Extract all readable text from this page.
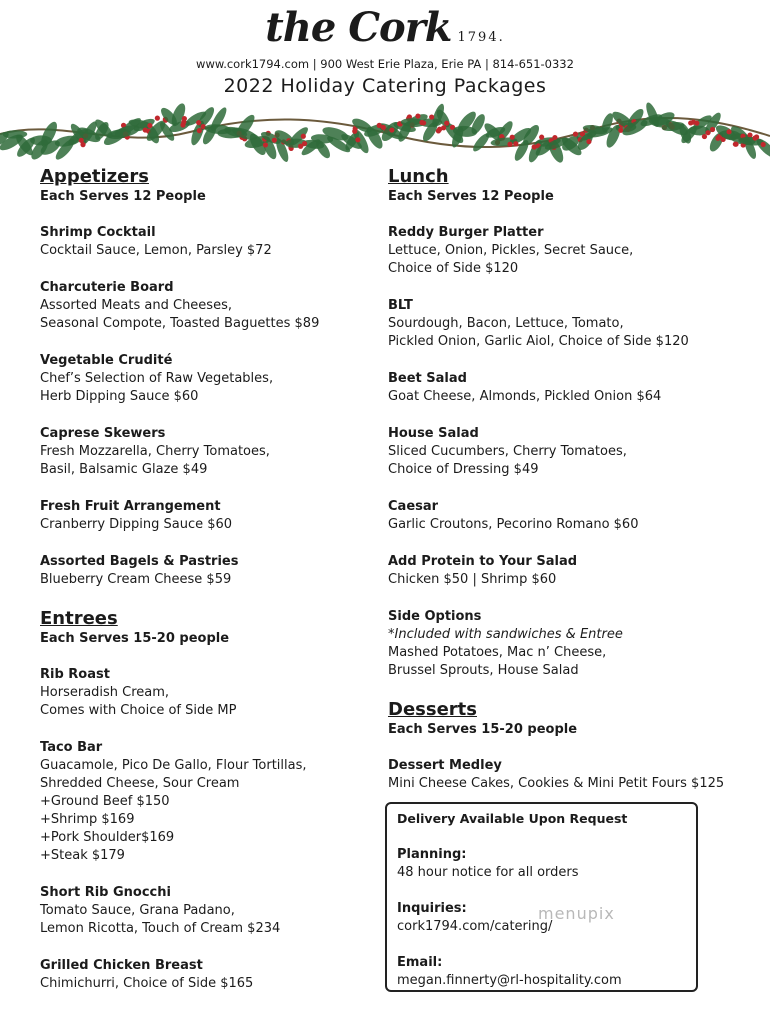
the Cork 1794.
www.cork1794.com | 900 West Erie Plaza, Erie PA | 814-651-0332
2022 Holiday Catering Packages
Appetizers
Each Serves 12 People
Shrimp Cocktail
Cocktail Sauce, Lemon, Parsley $72
Charcuterie Board
Assorted Meats and Cheeses,
Seasonal Compote, Toasted Baguettes $89
Vegetable Crudité
Chef’s Selection of Raw Vegetables,
Herb Dipping Sauce $60
Caprese Skewers
Fresh Mozzarella, Cherry Tomatoes,
Basil, Balsamic Glaze $49
Fresh Fruit Arrangement
Cranberry Dipping Sauce $60
Assorted Bagels & Pastries
Blueberry Cream Cheese $59
Entrees
Each Serves 15-20 people
Rib Roast
Horseradish Cream,
Comes with Choice of Side MP
Taco Bar
Guacamole, Pico De Gallo, Flour Tortillas,
Shredded Cheese, Sour Cream
+Ground Beef $150
+Shrimp $169
+Pork Shoulder$169
+Steak $179
Short Rib Gnocchi
Tomato Sauce, Grana Padano,
Lemon Ricotta, Touch of Cream $234
Grilled Chicken Breast
Chimichurri, Choice of Side $165
Lunch
Each Serves 12 People
Reddy Burger Platter
Lettuce, Onion, Pickles, Secret Sauce,
Choice of Side $120
BLT
Sourdough, Bacon, Lettuce, Tomato,
Pickled Onion, Garlic Aiol, Choice of Side $120
Beet Salad
Goat Cheese, Almonds, Pickled Onion $64
House Salad
Sliced Cucumbers, Cherry Tomatoes,
Choice of Dressing $49
Caesar
Garlic Croutons, Pecorino Romano $60
Add Protein to Your Salad
Chicken $50 | Shrimp $60
Side Options
*Included with sandwiches & Entree
Mashed Potatoes, Mac n’ Cheese,
Brussel Sprouts, House Salad
Desserts
Each Serves 15-20 people
Dessert Medley
Mini Cheese Cakes, Cookies & Mini Petit Fours $125
Delivery Available Upon Request
Planning:
48 hour notice for all orders
Inquiries:
cork1794.com/catering/
Email:
megan.finnerty@rl-hospitality.com
menupix
